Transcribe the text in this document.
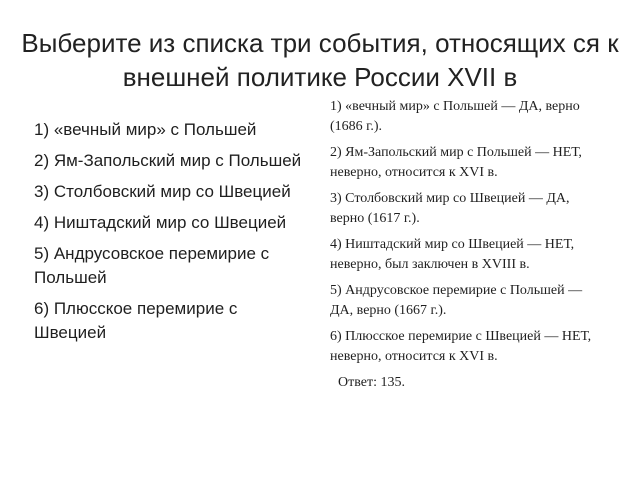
Выберите из списка три события, относящих ся к внешней политике России XVII в
1) «вечный мир» с Польшей
2) Ям-Запольский мир с Польшей
3) Столбовский мир со Швецией
4) Ништадский мир со Швецией
5) Андрусовское перемирие с Польшей
6) Плюсское перемирие с Швецией
1) «вечный мир» с Польшей — ДА, верно (1686 г.).
2) Ям-Запольский мир с Польшей — НЕТ, неверно, относится к XVI в.
3) Столбовский мир со Швецией — ДА, верно (1617 г.).
4) Ништадский мир со Швецией — НЕТ, неверно, был заключен в XVIII в.
5) Андрусовское перемирие с Польшей — ДА, верно (1667 г.).
6) Плюсское перемирие с Швецией — НЕТ, неверно, относится к XVI в.
Ответ: 135.
